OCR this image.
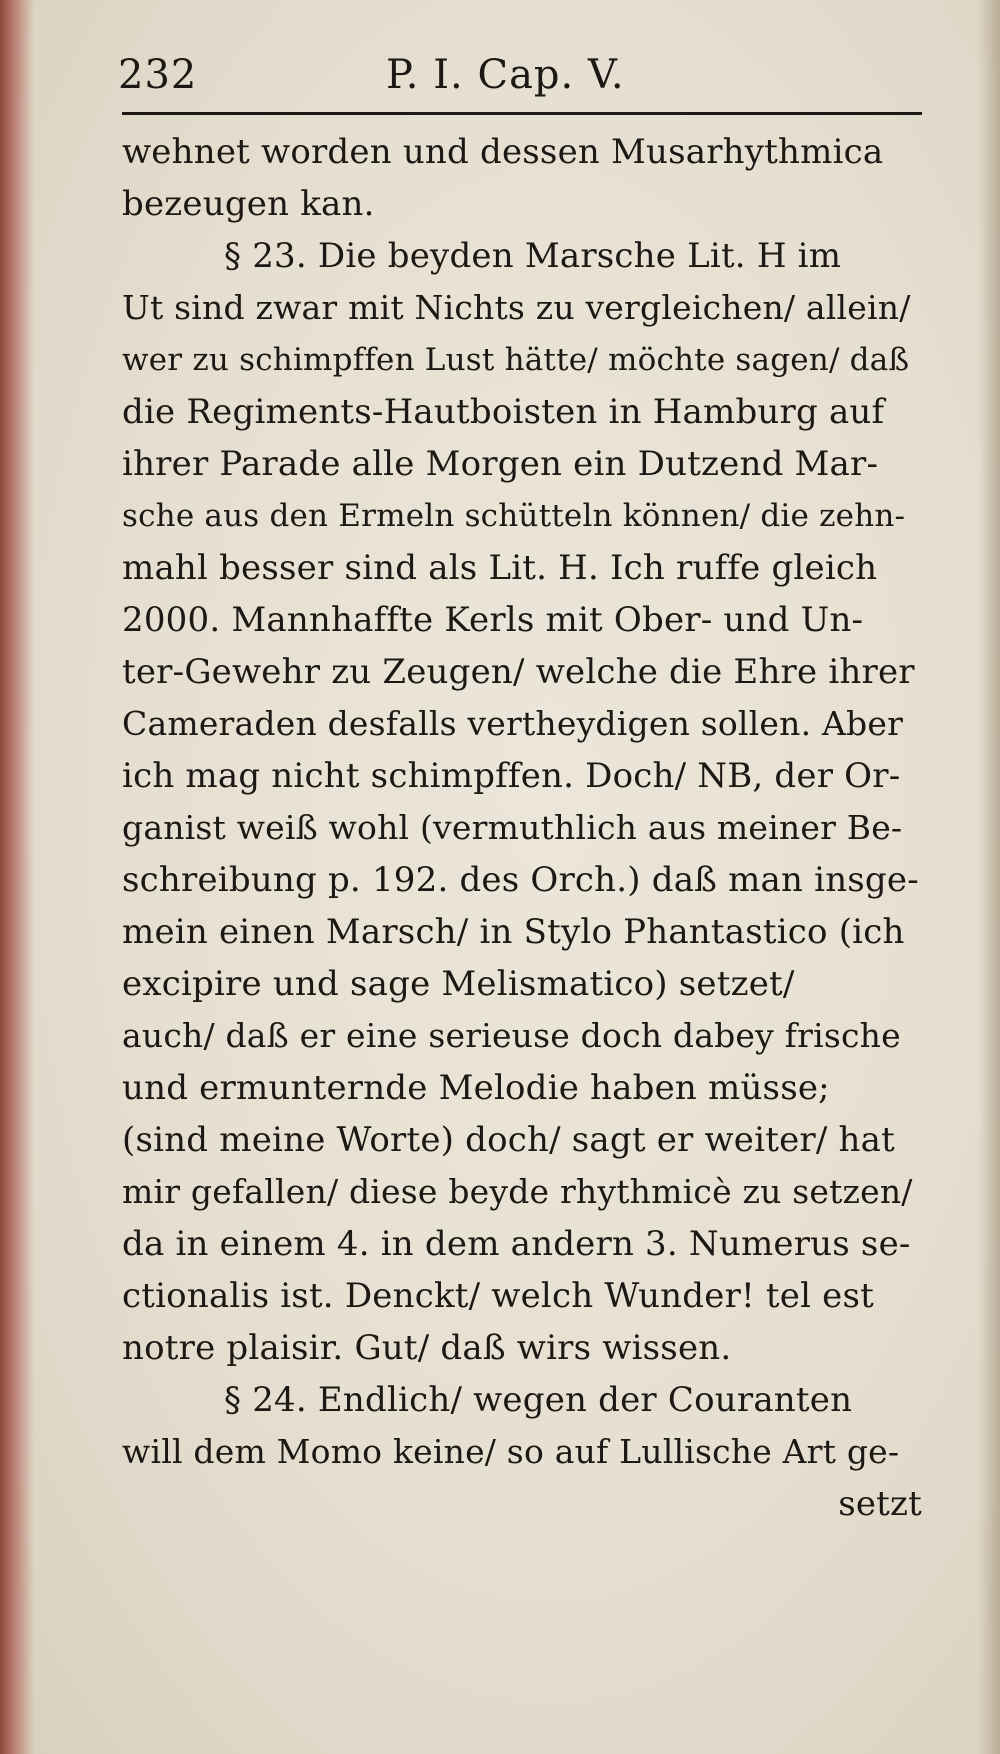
232	P. I. Cap. V.
wehnet worden und dessen Musarhythmica
bezeugen kan.
§ 23. Die beyden Marsche Lit. H im
Ut sind zwar mit Nichts zu vergleichen/ allein/
wer zu schimpffen Lust hätte/ möchte sagen/ daß
die Regiments-Hautboisten in Hamburg auf
ihrer Parade alle Morgen ein Dutzend Mar-
sche aus den Ermeln schütteln können/ die zehn-
mahl besser sind als Lit. H. Ich ruffe gleich
2000. Mannhaffte Kerls mit Ober- und Un-
ter-Gewehr zu Zeugen/ welche die Ehre ihrer
Cameraden desfalls vertheydigen sollen. Aber
ich mag nicht schimpffen. Doch/ NB, der Or-
ganist weiß wohl (vermuthlich aus meiner Be-
schreibung p. 192. des Orch.) daß man insge-
mein einen Marsch/ in Stylo Phantastico (ich
excipire und sage Melismatico) setzet/
auch/ daß er eine serieuse doch dabey frische
und ermunternde Melodie haben müsse;
(sind meine Worte) doch/ sagt er weiter/ hat
mir gefallen/ diese beyde rhythmicè zu setzen/
da in einem 4. in dem andern 3. Numerus se-
ctionalis ist. Denckt/ welch Wunder! tel est
notre plaisir. Gut/ daß wirs wissen.
§ 24. Endlich/ wegen der Couranten
will dem Momo keine/ so auf Lullische Art ge-
setzt
